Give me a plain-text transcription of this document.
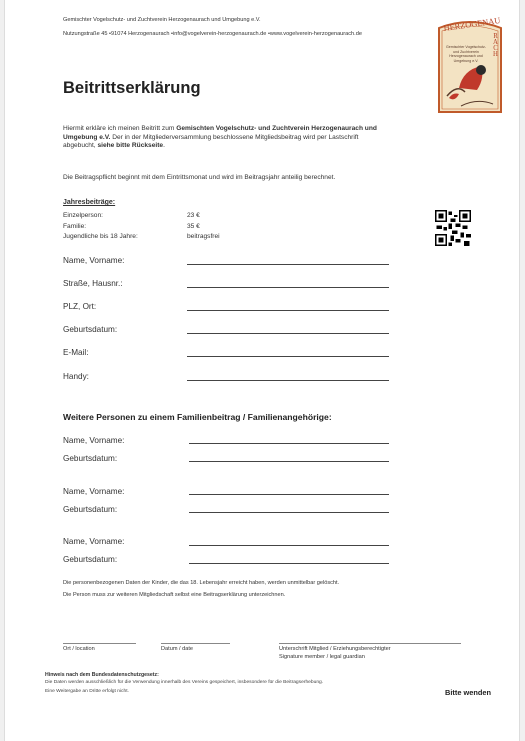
Gemischter Vogelschutz- und Zuchtverein Herzogenaurach und Umgebung e.V.
Nutzungstraße 45 •91074 Herzogenaurach •info@vogelverein-herzogenaurach.de •www.vogelverein-herzogenaurach.de
HERZOGENAU
RACH
Gemischter Vogelschutz- und Zuchtverein Herzogenaurach und Umgebung e.V.
Beitrittserklärung
Hiermit erkläre ich meinen Beitritt zum Gemischten Vogelschutz- und Zuchtverein Herzogenaurach und
Umgebung e.V. Der in der Mitgliederversammlung beschlossene Mitgliedsbeitrag wird per Lastschrift
abgebucht, siehe bitte Rückseite.
Die Beitragspflicht beginnt mit dem Eintrittsmonat und wird im Beitragsjahr anteilig berechnet.
Jahresbeiträge:
Einzelperson:	23 €
Familie:	35 €
Jugendliche bis 18 Jahre:	beitragsfrei
Name, Vorname:
Straße, Hausnr.:
PLZ, Ort:
Geburtsdatum:
E-Mail:
Handy:
Weitere Personen zu einem Familienbeitrag / Familienangehörige:
Name, Vorname:
Geburtsdatum:
Name, Vorname:
Geburtsdatum:
Name, Vorname:
Geburtsdatum:
Die personenbezogenen Daten der Kinder, die das 18. Lebensjahr erreicht haben, werden unmittelbar gelöscht.
Die Person muss zur weiteren Mitgliedschaft selbst eine Beitragserklärung unterzeichnen.
Ort / location	Datum / date	Unterschrift Mitglied / Erziehungsberechtigter
Signature member / legal guardian
Hinweis nach dem Bundesdatenschutzgesetz:
Die Daten werden ausschließlich für die Verwendung innerhalb des Vereins gespeichert, insbesondere für die Beitragserhebung.
Eine Weitergabe an Dritte erfolgt nicht.	Bitte wenden
